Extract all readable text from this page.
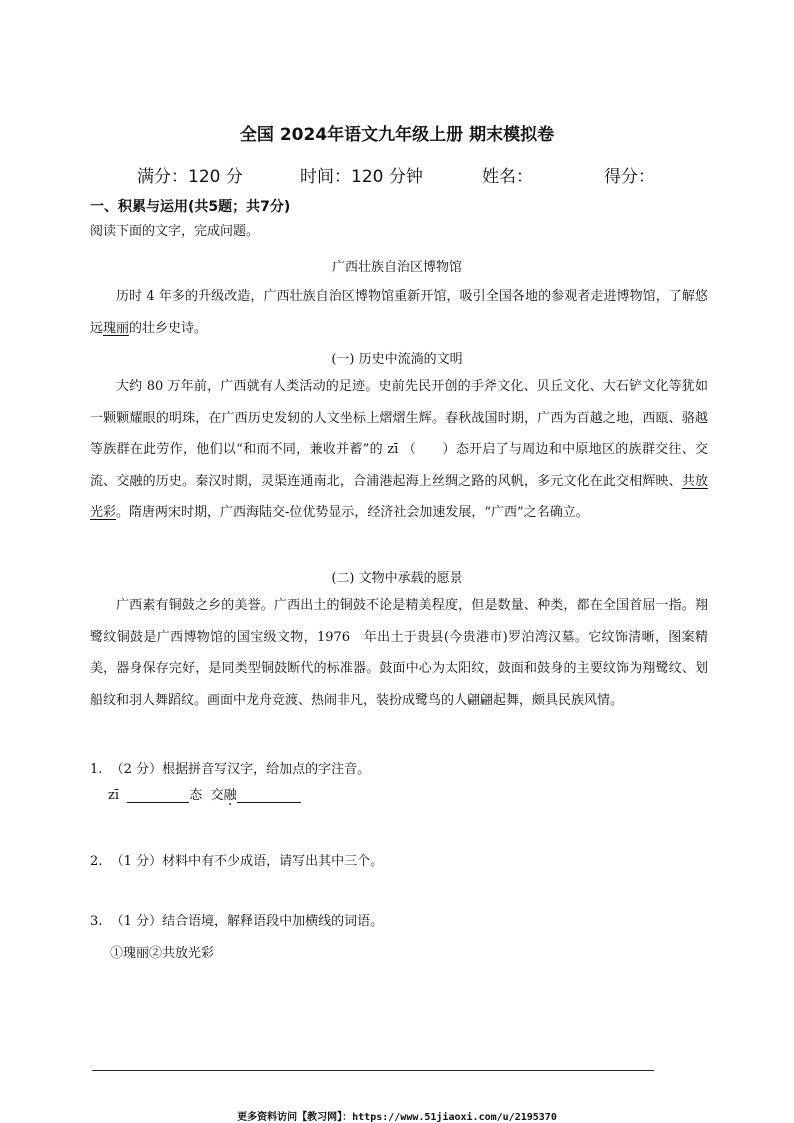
全国 2024年语文九年级上册 期末模拟卷
满分：120 分	时间：120 分钟	姓名：	得分：
一、积累与运用(共5题；共7分)
阅读下面的文字，完成问题。
广西壮族自治区博物馆

历时 4 年多的升级改造，广西壮族自治区博物馆重新开馆，吸引全国各地的参观者走进博物馆，了解悠远瑰丽的壮乡史诗。

(一) 历史中流淌的文明

大约 80 万年前，广西就有人类活动的足迹。史前先民开创的手斧文化、贝丘文化、大石铲文化等犹如一颗颗耀眼的明珠，在广西历史发轫的人文坐标上熠熠生辉。春秋战国时期，广西为百越之地，西瓯、骆越等族群在此劳作，他们以“和而不同，兼收并蓄”的 zī （　　）态开启了与周边和中原地区的族群交往、交流、交融的历史。秦汉时期，灵渠连通南北，合浦港起海上丝绸之路的风帆，多元文化在此交相辉映、共放光彩。隋唐两宋时期，广西海陆交-位优势显示，经济社会加速发展，“广西”之名确立。

(二) 文物中承载的愿景

广西素有铜鼓之乡的美誉。广西出土的铜鼓不论是精美程度，但是数量、种类，都在全国首屈一指。翔鹭纹铜鼓是广西博物馆的国宝级文物，1976　年出土于贵县(今贵港市)罗泊湾汉墓。它纹饰清晰，图案精美，器身保存完好，是同类型铜鼓断代的标准器。鼓面中心为太阳纹，鼓面和鼓身的主要纹饰为翔鹭纹、划船纹和羽人舞蹈纹。画面中龙舟竞渡、热闹非凡，装扮成鹭鸟的人翩翩起舞，颇具民族风情。

1. （2 分）根据拼音写汉字，给加点的字注音。
zī	态 交融
2. （1 分）材料中有不少成语，请写出其中三个。
3. （1 分）结合语境，解释语段中加横线的词语。
①瑰丽②共放光彩
更多资料访问【教习网】：https://www.51jiaoxi.com/u/2195370
